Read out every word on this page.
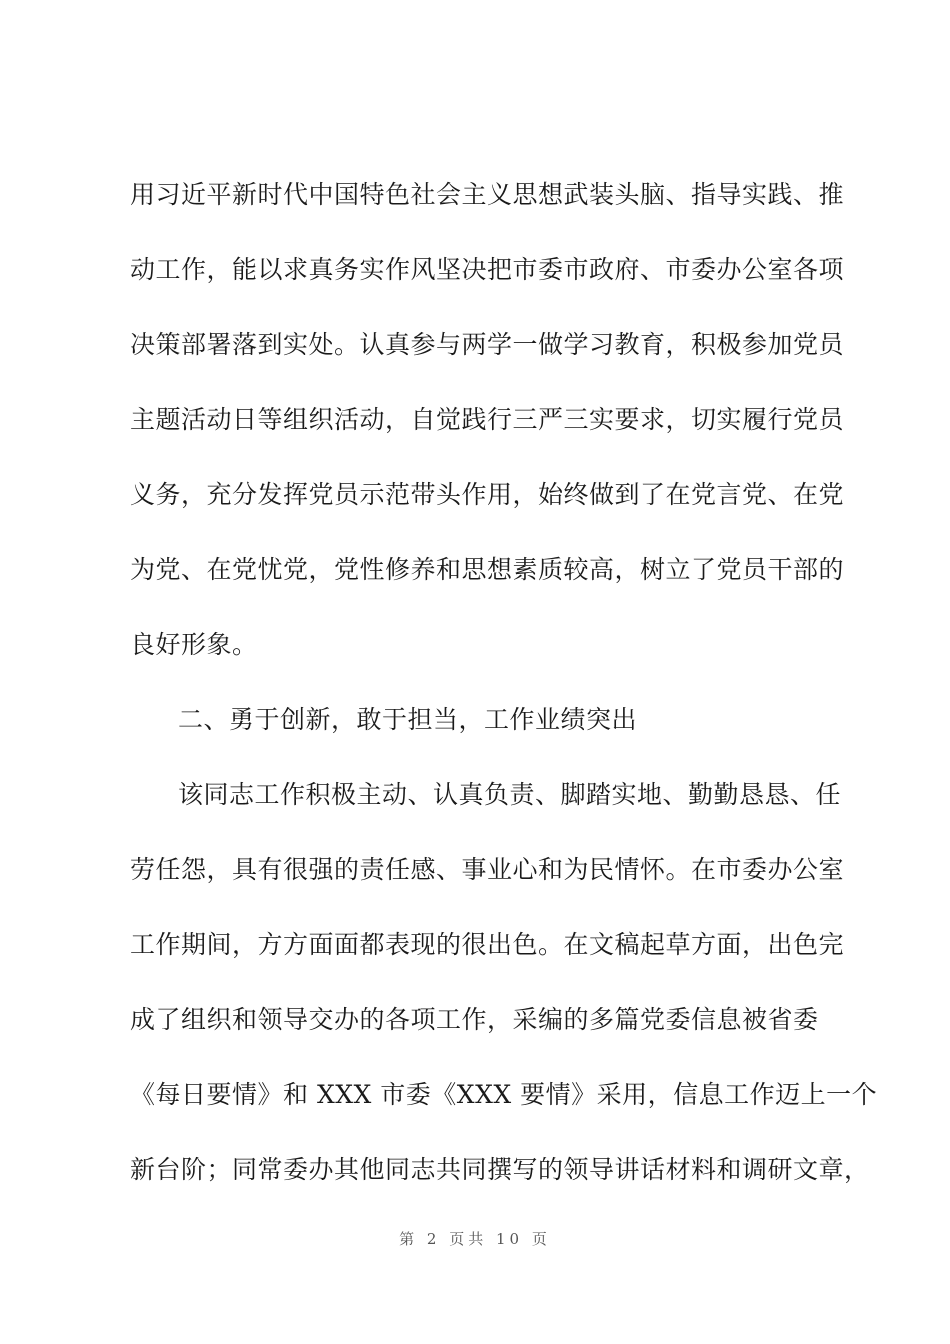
用习近平新时代中国特色社会主义思想武装头脑、指导实践、推
动工作，能以求真务实作风坚决把市委市政府、市委办公室各项
决策部署落到实处。认真参与两学一做学习教育，积极参加党员
主题活动日等组织活动，自觉践行三严三实要求，切实履行党员
义务，充分发挥党员示范带头作用，始终做到了在党言党、在党
为党、在党忧党，党性修养和思想素质较高，树立了党员干部的
良好形象。
二、勇于创新，敢于担当，工作业绩突出
该同志工作积极主动、认真负责、脚踏实地、勤勤恳恳、任
劳任怨，具有很强的责任感、事业心和为民情怀。在市委办公室
工作期间，方方面面都表现的很出色。在文稿起草方面，出色完
成了组织和领导交办的各项工作，采编的多篇党委信息被省委
《每日要情》和 XXX 市委《XXX 要情》采用，信息工作迈上一个
新台阶；同常委办其他同志共同撰写的领导讲话材料和调研文章，
第 2 页共 10 页
